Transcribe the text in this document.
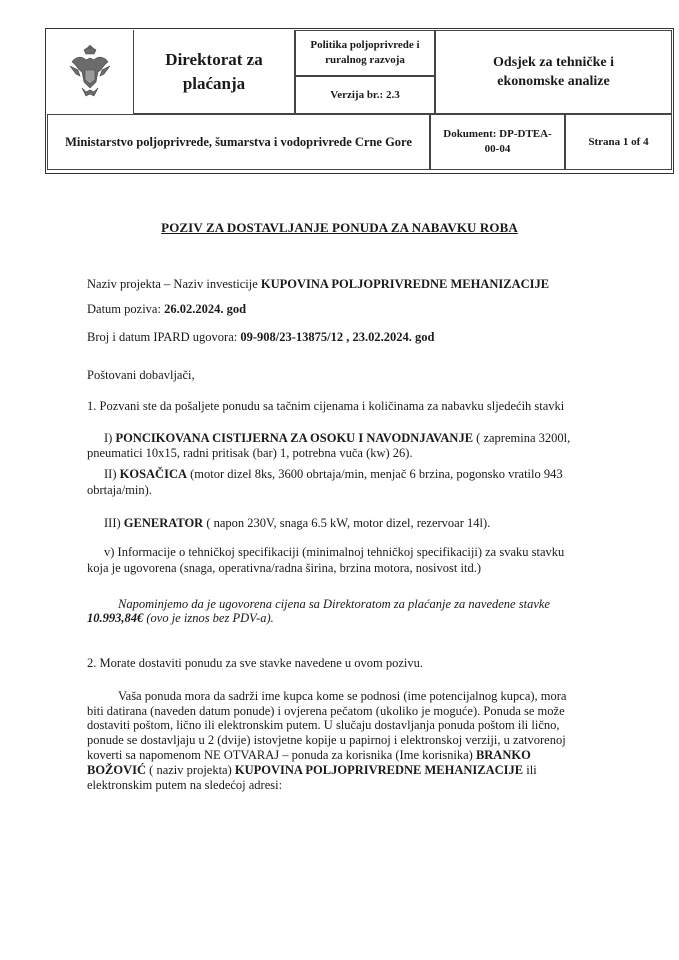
Direktorat za plaćanja
Politika poljoprivrede i ruralnog razvoja
Verzija br.: 2.3
Odsjek za tehničke i ekonomske analize
Ministarstvo poljoprivrede, šumarstva i vodoprivrede Crne Gore
Dokument: DP-DTEA-00-04
Strana 1 of 4
POZIV ZA DOSTAVLJANJE PONUDA ZA NABAVKU ROBA
Naziv projekta – Naziv investicije KUPOVINA POLJOPRIVREDNE MEHANIZACIJE
Datum poziva: 26.02.2024. god
Broj i datum IPARD ugovora: 09-908/23-13875/12 , 23.02.2024. god
Poštovani dobavljači,
1. Pozvani ste da pošaljete ponudu sa tačnim cijenama i količinama za nabavku sljedećih stavki
I) PONCIKOVANA CISTIJERNA ZA OSOKU I NAVODNJAVANJE ( zapremina 3200l,
pneumatici 10x15, radni pritisak (bar) 1, potrebna vuča (kw) 26).
II) KOSAČICA (motor dizel 8ks, 3600 obrtaja/min, menjač 6 brzina, pogonsko vratilo 943
obrtaja/min).
III) GENERATOR ( napon 230V, snaga 6.5 kW, motor dizel, rezervoar 14l).
v) Informacije o tehničkoj specifikaciji (minimalnoj tehničkoj specifikaciji) za svaku stavku
koja je ugovorena (snaga, operativna/radna širina, brzina motora, nosivost itd.)
Napominjemo da je ugovorena cijena sa Direktoratom za plaćanje za navedene stavke
10.993,84€ (ovo je iznos bez PDV-a).
2. Morate dostaviti ponudu za sve stavke navedene u ovom pozivu.
Vaša ponuda mora da sadrži ime kupca kome se podnosi (ime potencijalnog kupca), mora
biti datirana (naveden datum ponude) i ovjerena pečatom (ukoliko je moguće). Ponuda se može
dostaviti poštom, lično ili elektronskim putem. U slučaju dostavljanja ponuda poštom ili lično,
ponude se dostavljaju u 2 (dvije) istovjetne kopije u papirnoj i elektronskoj verziji, u zatvorenoj
koverti sa napomenom NE OTVARAJ – ponuda za korisnika (Ime korisnika) BRANKO
BOŽOVIĆ ( naziv projekta) KUPOVINA POLJOPRIVREDNE MEHANIZACIJE ili
elektronskim putem na sledećoj adresi:
